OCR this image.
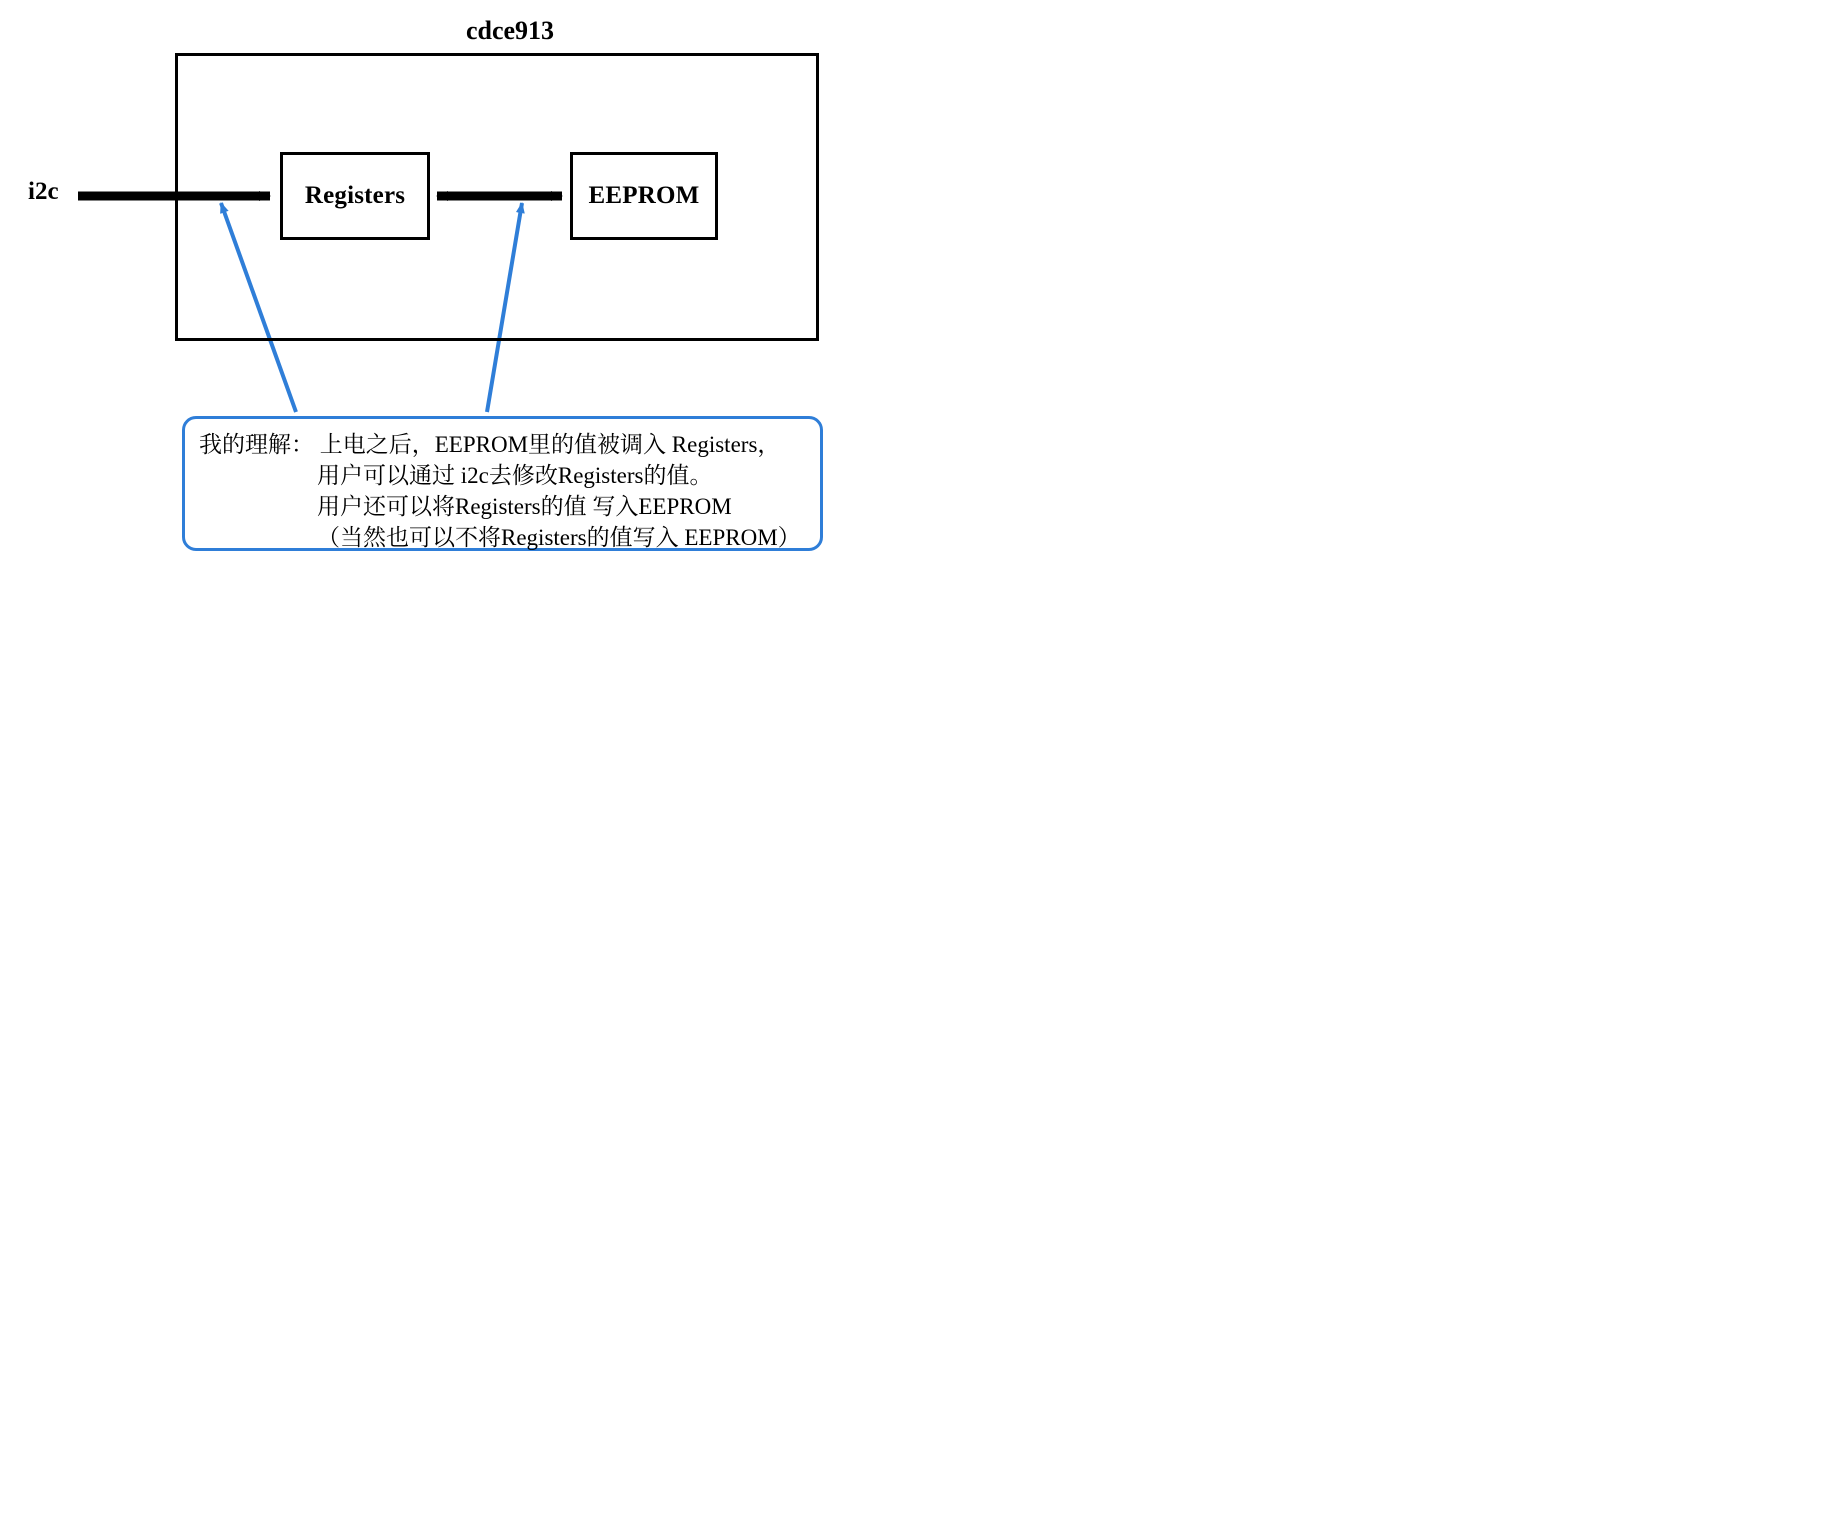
cdce913
i2c	Registers	EEPROM
我的理解： 上电之后，EEPROM里的值被调入 Registers，
用户可以通过 i2c去修改Registers的值。
用户还可以将Registers的值 写入EEPROM
（当然也可以不将Registers的值写入 EEPROM）
